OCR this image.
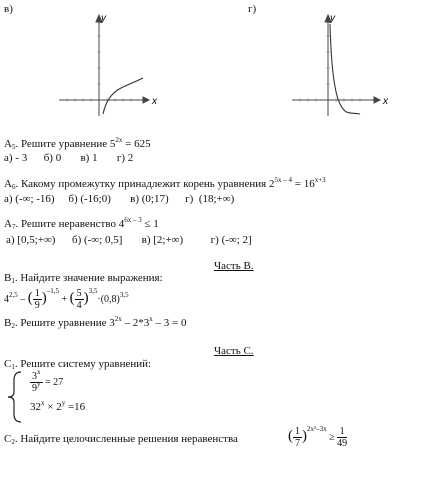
в)	г)
y
x
y
x
$А_5$. Решите уравнение $5^{2x} = 625$
а) - 3      б) 0       в) 1       г) 2
$А_6$. Какому промежутку принадлежит корень уравнения $2^{5x - 4} = 16^{x+3}$
а) (-∞; -16)     б) (-16;0)       в) (0;17)      г)  (18;+∞)
$А_7$. Решите неравенство $4^{6x - 3} \le 1$
а) [0,5;+∞)      б) (-∞; 0,5]       в) [2;+∞)          г) (-∞; 2]
Часть В.
$В_1$. Найдите значение выражения:
4$^{2,5}$ – ( $\frac{1}{9} )^{-1,5}$ + ( $\frac{5}{4} )^{3,5}\cdot(0,8)^{3,5}$
$В_2$. Решите уравнение $3^{2x} - 2*3^x - 3 = 0$
Часть С.
$С_1$. Решите систему уравнений:
$\frac{3^x}{9^y} = 27$
$32^x \times 2^y =16$
$С_2$. Найдите целочисленные решения неравенства	( $\frac{1}{7} )^{2x^2-3x} \ge \frac{1}{49}$
